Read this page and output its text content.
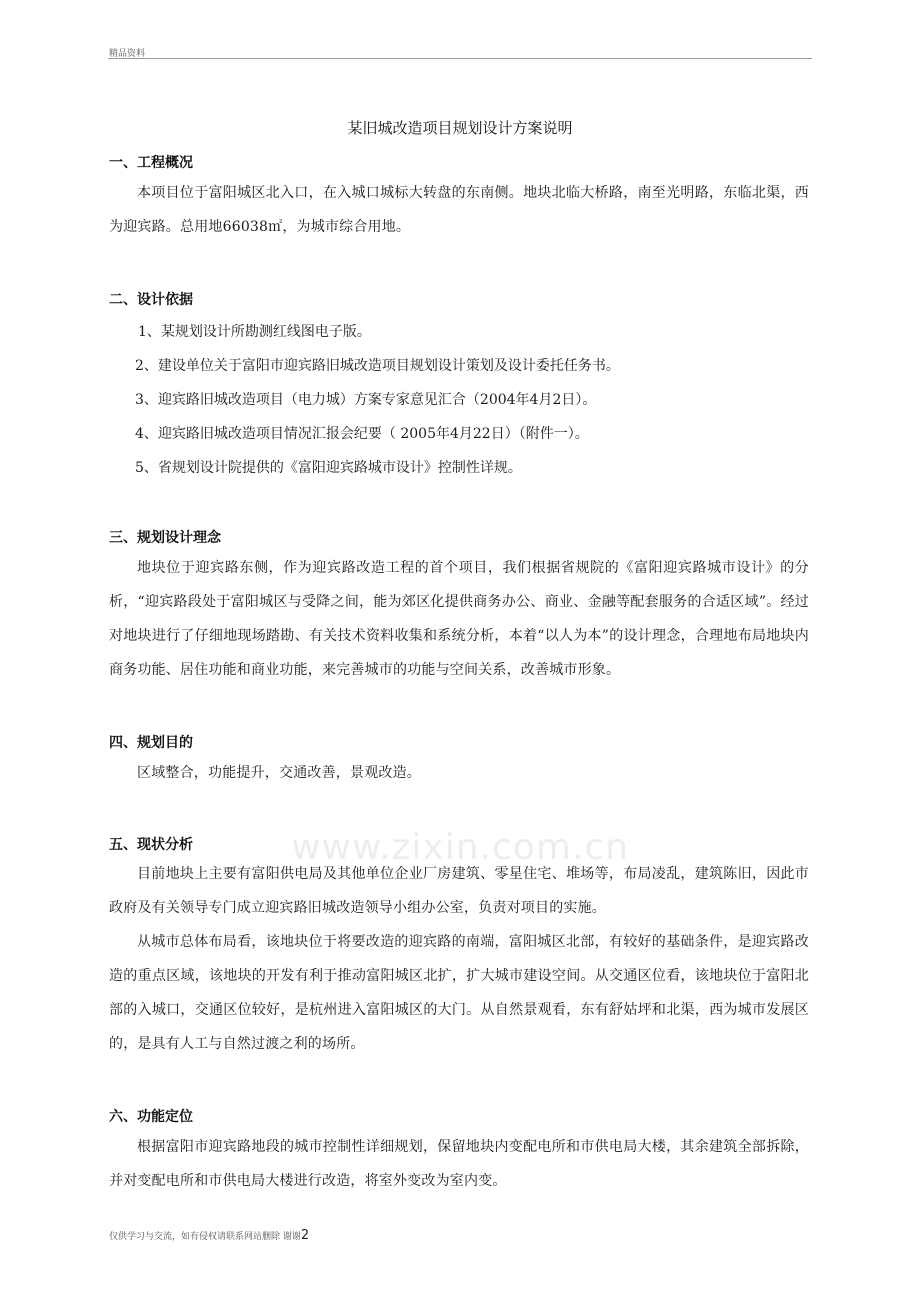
精品资料
某旧城改造项目规划设计方案说明
一、工程概况

本项目位于富阳城区北入口，在入城口城标大转盘的东南侧。地块北临大桥路，南至光明路，东临北渠，西为迎宾路。总用地66038㎡，为城市综合用地。

二、设计依据
1、某规划设计所勘测红线图电子版。
2、建设单位关于富阳市迎宾路旧城改造项目规划设计策划及设计委托任务书。
3、迎宾路旧城改造项目（电力城）方案专家意见汇合（2004年4月2日）。
4、迎宾路旧城改造项目情况汇报会纪要（ 2005年4月22日）（附件一）。
5、省规划设计院提供的《富阳迎宾路城市设计》控制性详规。
三、规划设计理念

地块位于迎宾路东侧，作为迎宾路改造工程的首个项目，我们根据省规院的《富阳迎宾路城市设计》的分析，“迎宾路段处于富阳城区与受降之间，能为郊区化提供商务办公、商业、金融等配套服务的合适区域”。经过对地块进行了仔细地现场踏勘、有关技术资料收集和系统分析，本着“以人为本”的设计理念，合理地布局地块内商务功能、居住功能和商业功能，来完善城市的功能与空间关系，改善城市形象。

四、规划目的

区域整合，功能提升，交通改善，景观改造。

五、现状分析

目前地块上主要有富阳供电局及其他单位企业厂房建筑、零星住宅、堆场等，布局凌乱，建筑陈旧，因此市政府及有关领导专门成立迎宾路旧城改造领导小组办公室，负责对项目的实施。

从城市总体布局看，该地块位于将要改造的迎宾路的南端，富阳城区北部，有较好的基础条件，是迎宾路改造的重点区域，该地块的开发有利于推动富阳城区北扩，扩大城市建设空间。从交通区位看，该地块位于富阳北部的入城口，交通区位较好，是杭州进入富阳城区的大门。从自然景观看，东有舒姑坪和北渠，西为城市发展区的，是具有人工与自然过渡之利的场所。

六、功能定位

根据富阳市迎宾路地段的城市控制性详细规划，保留地块内变配电所和市供电局大楼，其余建筑全部拆除，并对变配电所和市供电局大楼进行改造，将室外变改为室内变。

www.zixin.com.cn
仅供学习与交流，如有侵权请联系网站删除 谢谢2
